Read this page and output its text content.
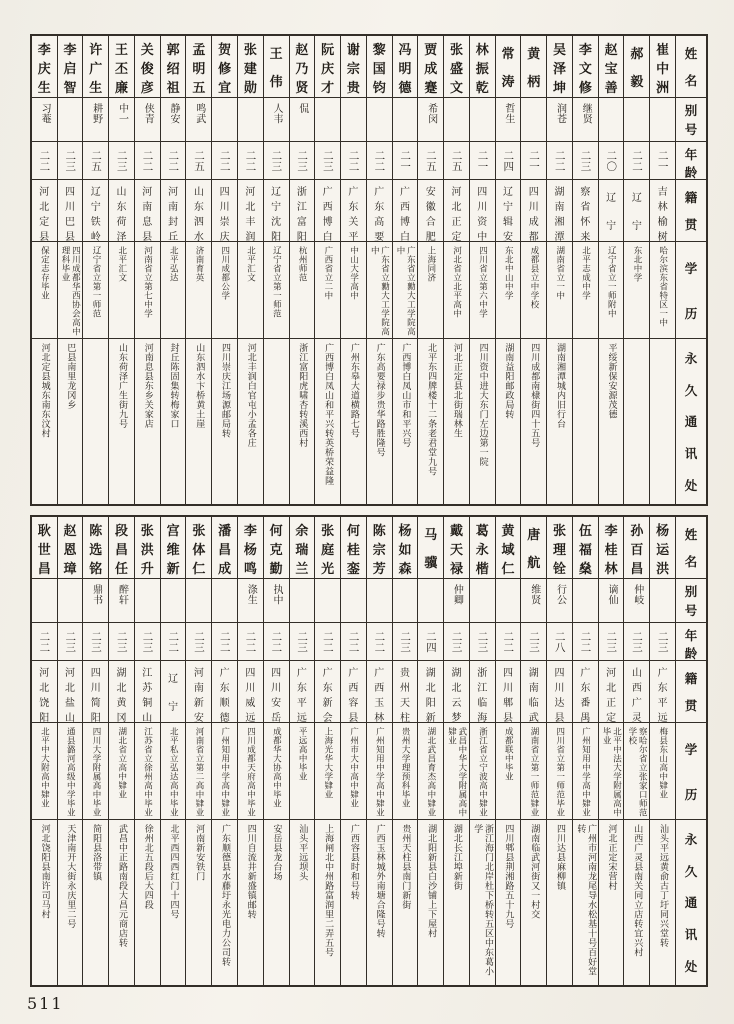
姓
名
别
号
年
龄
籍
贯
学
历
永
久
通
讯
处
崔
中
洲
二一
吉
林
榆
树
哈尔滨东省特区一中
郝
毅
二二
辽
宁
东北中学
赵
宝
善
二〇
辽
宁
辽宁省立一师附中
平绥新保安源茂德
李
文
修
继贤
二三
察
省
怀
来
北平志成中学
吴
泽
坤
润苍
二二
湖
南
湘
潭
湖南省立一中
湖南湘潭城内旧行台
黄
柄
二一
四
川
成
都
成都县立中学校
四川成都南棣街四十五号
常
涛
哲生
二四
辽
宁
辑
安
东北中山中学
湖南益阳邮政局转
林
振
乾
二一
四
川
资
中
四川省立第六中学
四川资中进大东门左边第一院
张
盛
文
二五
河
北
正
定
河北省立北平高中
河北正定县北街瑞林生
贾
成
蹇
希闵
二五
安
徽
合
肥
上海同济
北平东四牌楼十二条老君堂九号
冯
明
德
二一
广
西
博
白
广东省立勷大工学院高中
广西博白凤山市和平兴号
黎
国
钧
二二
广
东
高
要
广东省立勷大工学院高中
广东高要禄步贵华路胜隆号
谢
宗
贵
二二
广
东
关
平
中山大学高中
广州东皋大道横路七号
阮
庆
才
二三
广
西
博
白
广西省立二中
广西博白凤山和平兴转英桥荣益隆
赵
乃
贤
侃
二三
浙
江
富
阳
杭州师范
浙江富阳虎啸杏转溪西村
王
伟
人韦
二三
辽
宁
沈
阳
辽宁省立第一师范
张
建
勋
二二
河
北
丰
润
北平汇文
河北丰润白官屯小孟各庄
贺
修
宜
二二
四
川
崇
庆
四川成都公学
四川崇庆江场源邮局转
孟
明
五
鸣武
二五
山
东
泗
水
济南育英
山东泗水卞桥黄土崖
郭
绍
祖
静安
二二
河
南
封
丘
北平弘达
封丘陈固集转梅家口
关
俊
彦
侠青
二二
河
南
息
县
河南省立第七中学
河南息县东乡关家店
王
丕
廉
中一
二三
山
东
荷
泽
北平汇文
山东荷泽广生街九号
许
广
生
耕野
二五
辽
宁
铁
岭
辽宁省立第一师范
李
启
智
二三
四
川
巴
县
四川成都华西协会高中理科毕业
巴县南里龙冈乡
李
庆
生
习菴
二二
河
北
定
县
保定志存毕业
河北定县城东南东汶村
姓
名
别
号
年
龄
籍
贯
学
历
永
久
通
讯
处
杨
运
洪
二三
广
东
平
远
梅县东山高中肄业
汕头平远黄俞古丁圩同兴堂转
孙
百
昌
仲岐
二三
山
西
广
灵
察哈尔省立张家口师范学校
山西广灵县南关同立店转宜兴村
李
桂
林
谪仙
二三
河
北
正
定
北平中法大学附属高中毕业
河北正定宋营村
伍
福
燊
二二
广
东
番
禺
广州知用中学高中肄业
广州市河南龙尾导水松基十号百好堂转
张
理
铨
行公
二八
四
川
达
县
四川省立第一师范毕业
四川达县麻柳镇
唐
航
维贤
二三
湖
南
临
武
湖南省立第一师范肄业
湖南临武河街又一村交
黄
域
仁
二二
四
川
郫
县
成都联中毕业
四川郫县荆湘路五十九号
葛
永
楷
二三
浙
江
临
海
浙江省立宁波高中肄业
浙江海门北岸杜下桥转五区中东葛小学
戴
天
禄
仲卿
二三
湖
北
云
梦
武昌中华大学附属高中肄业
湖北长江埠新街
马
骥
二四
湖
北
阳
新
湖北武昌育杰高中肄业
湖北阳新县白沙铺上下屋村
杨
如
森
二三
贵
州
天
柱
贵州大学理预科毕业
贵州天柱县南门新街
陈
宗
芳
二二
广
西
玉
林
广州知用中学高中肄业
广西玉林城外南塘合隆号转
何
桂
銮
二二
广
西
容
县
广州市大中高中肄业
广西容县时和号转
张
庭
光
二二
广
东
新
会
上海光华大学肄业
上海闸北中州路富润里二弄五号
余
瑞
兰
二三
广
东
平
远
平远高中毕业
汕头平远坝头
何
克
勤
执中
二二
四
川
安
岳
成都华大协高中毕业
安岳县龙台场
李
杨
鸣
涤生
二二
四
川
威
远
四川成都天府高中毕业
四川自流井新盛镇邮转
潘
昌
成
二二
广
东
顺
德
广州知用中学高中肄业
广东顺德县水藤圩永光电力公司转
张
体
仁
二三
河
南
新
安
河南省立第二高中肄业
河南新安铁门
宫
维
新
二二
辽
宁
北平私立弘达高中毕业
北平西四西红门十四号
张
洪
升
二三
江
苏
铜
山
江苏省立徐州高中毕业
徐州北五段后大四段
段
昌
任
醉轩
二三
湖
北
黄
冈
湖北省立高中肄业
武昌中正路南段大昌元商店转
陈
选
铭
鼎书
二三
四
川
简
阳
四川大学附属高中毕业
简阳县洛带镇
赵
恩
璋
二三
河
北
盐
山
通县潞河高级中学毕业
天津南开大街永庆里二号
耿
世
昌
二二
河
北
饶
阳
北平中大附高中肄业
河北饶阳县南许司马村
511
